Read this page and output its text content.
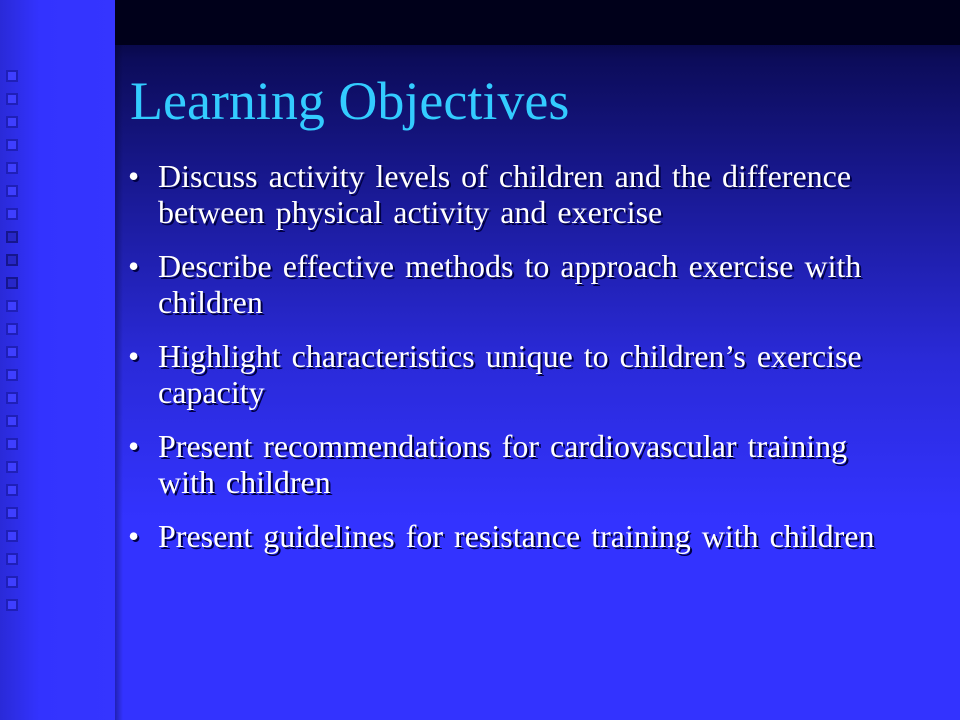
Learning Objectives
• Discuss activity levels of children and the difference between physical activity and exercise
• Describe effective methods to approach exercise with children
• Highlight characteristics unique to children’s exercise capacity
• Present recommendations for cardiovascular training with children
• Present guidelines for resistance training with children
